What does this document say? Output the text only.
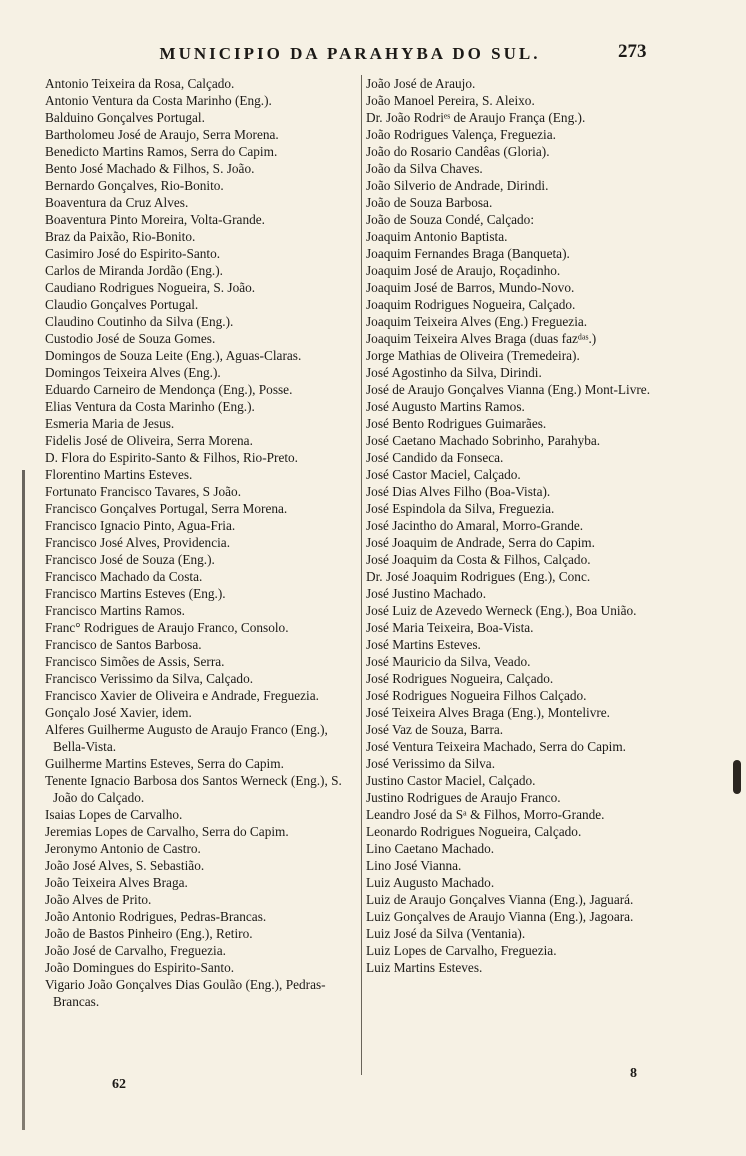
MUNICIPIO DA PARAHYBA DO SUL.	273
Antonio Teixeira da Rosa, Calçado.
Antonio Ventura da Costa Marinho (Eng.).
Balduino Gonçalves Portugal.
Bartholomeu José de Araujo, Serra Morena.
Benedicto Martins Ramos, Serra do Capim.
Bento José Machado & Filhos, S. João.
Bernardo Gonçalves, Rio-Bonito.
Boaventura da Cruz Alves.
Boaventura Pinto Moreira, Volta-Grande.
Braz da Paixão, Rio-Bonito.
Casimiro José do Espirito-Santo.
Carlos de Miranda Jordão (Eng.).
Caudiano Rodrigues Nogueira, S. João.
Claudio Gonçalves Portugal.
Claudino Coutinho da Silva (Eng.).
Custodio José de Souza Gomes.
Domingos de Souza Leite (Eng.), Aguas-Claras.
Domingos Teixeira Alves (Eng.).
Eduardo Carneiro de Mendonça (Eng.), Posse.
Elias Ventura da Costa Marinho (Eng.).
Esmeria Maria de Jesus.
Fidelis José de Oliveira, Serra Morena.
D. Flora do Espirito-Santo & Filhos, Rio-Preto.
Florentino Martins Esteves.
Fortunato Francisco Tavares, S João.
Francisco Gonçalves Portugal, Serra Morena.
Francisco Ignacio Pinto, Agua-Fria.
Francisco José Alves, Providencia.
Francisco José de Souza (Eng.).
Francisco Machado da Costa.
Francisco Martins Esteves (Eng.).
Francisco Martins Ramos.
Franc° Rodrigues de Araujo Franco, Consolo.
Francisco de Santos Barbosa.
Francisco Simões de Assis, Serra.
Francisco Verissimo da Silva, Calçado.
Francisco Xavier de Oliveira e Andrade, Freguezia.
Gonçalo José Xavier, idem.
Alferes Guilherme Augusto de Araujo Franco (Eng.), Bella-Vista.
Guilherme Martins Esteves, Serra do Capim.
Tenente Ignacio Barbosa dos Santos Werneck (Eng.), S. João do Calçado.
Isaias Lopes de Carvalho.
Jeremias Lopes de Carvalho, Serra do Capim.
Jeronymo Antonio de Castro.
João José Alves, S. Sebastião.
João Teixeira Alves Braga.
João Alves de Prito.
João Antonio Rodrigues, Pedras-Brancas.
João de Bastos Pinheiro (Eng.), Retiro.
João José de Carvalho, Freguezia.
João Domingues do Espirito-Santo.
Vigario João Gonçalves Dias Goulão (Eng.), Pedras-Brancas.
João José de Araujo.
João Manoel Pereira, S. Aleixo.
Dr. João Rodriᵉˢ de Araujo França (Eng.).
João Rodrigues Valença, Freguezia.
João do Rosario Candêas (Gloria).
João da Silva Chaves.
João Silverio de Andrade, Dirindi.
João de Souza Barbosa.
João de Souza Condé, Calçado:
Joaquim Antonio Baptista.
Joaquim Fernandes Braga (Banqueta).
Joaquim José de Araujo, Roçadinho.
Joaquim José de Barros, Mundo-Novo.
Joaquim Rodrigues Nogueira, Calçado.
Joaquim Teixeira Alves (Eng.) Freguezia.
Joaquim Teixeira Alves Braga (duas fazᵈᵃˢ.)
Jorge Mathias de Oliveira (Tremedeira).
José Agostinho da Silva, Dirindi.
José de Araujo Gonçalves Vianna (Eng.) Mont-Livre.
José Augusto Martins Ramos.
José Bento Rodrigues Guimarães.
José Caetano Machado Sobrinho, Parahyba.
José Candido da Fonseca.
José Castor Maciel, Calçado.
José Dias Alves Filho (Boa-Vista).
José Espindola da Silva, Freguezia.
José Jacintho do Amaral, Morro-Grande.
José Joaquim de Andrade, Serra do Capim.
José Joaquim da Costa & Filhos, Calçado.
Dr. José Joaquim Rodrigues (Eng.), Conc.
José Justino Machado.
José Luiz de Azevedo Werneck (Eng.), Boa União.
José Maria Teixeira, Boa-Vista.
José Martins Esteves.
José Mauricio da Silva, Veado.
José Rodrigues Nogueira, Calçado.
José Rodrigues Nogueira Filhos Calçado.
José Teixeira Alves Braga (Eng.), Montelivre.
José Vaz de Souza, Barra.
José Ventura Teixeira Machado, Serra do Capim.
José Verissimo da Silva.
Justino Castor Maciel, Calçado.
Justino Rodrigues de Araujo Franco.
Leandro José da Sᵃ & Filhos, Morro-Grande.
Leonardo Rodrigues Nogueira, Calçado.
Lino Caetano Machado.
Lino José Vianna.
Luiz Augusto Machado.
Luiz de Araujo Gonçalves Vianna (Eng.), Jaguará.
Luiz Gonçalves de Araujo Vianna (Eng.), Jagoara.
Luiz José da Silva (Ventania).
Luiz Lopes de Carvalho, Freguezia.
Luiz Martins Esteves.
62
8
